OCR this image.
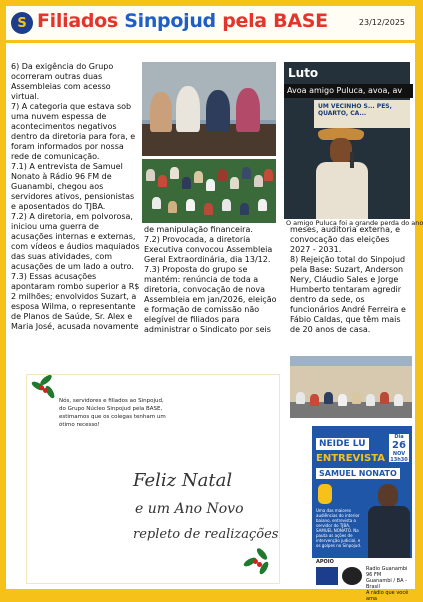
S Filiados Sinpojud pela BASE	23/12/2025

6) Da exigência do Grupo ocorreram outras duas Assembleias com acesso virtual.

7) A categoria que estava sob uma nuvem espessa de acontecimentos negativos dentro da diretoria para fora, e foram informados por nossa rede de comunicação.

7.1) A entrevista de Samuel Nonato à Rádio 96 FM de Guanambi, chegou aos servidores ativos, pensionistas e aposentados do TJBA.

7.2) A diretoria, em polvorosa, iniciou uma guerra de acusações internas e externas, com vídeos e áudios maquiados das suas atividades, com acusações de um lado a outro.

7.3) Essas acusações apontaram rombo superior a R$ 2 milhões; envolvidos Suzart, a esposa Wilma, o representante de Planos de Saúde, Sr. Alex e Maria José, acusada novamente

Luto
Avoa amigo Puluca, avoa, av
UM VECINHO S... PES, QUARTO, CA...
O amigo Puluca foi a grande perda do ano

de manipulação financeira.

7.2) Provocada, a diretoria Executiva convocou Assembleia Geral Extraordinária, dia 13/12.

7.3) Proposta do grupo se mantém: renúncia de toda a diretoria, convocação de nova Assembleia em jan/2026, eleição e formação de comissão não elegível de filiados para administrar o Sindicato por seis

meses, auditoria externa, e convocação das eleições 2027 - 2031.

8) Rejeição total do Sinpojud pela Base: Suzart, Anderson Nery, Cláudio Sales e Jorge Humberto tentaram agredir dentro da sede, os funcionários André Ferreira e Fábio Caldas, que têm mais de 20 anos de casa.

Nós, servidores e filiados ao Sinpojud, do Grupo Núcleo Sinpojud pela BASE, estimamos que os colegas tenham um ótimo recesso!
Feliz Natal
e um Ano Novo
repleto de realizações
NEIDE LU
ENTREVISTA
SAMUEL NONATO
Dia
26
NOV
13h30
Uma das maiores audiências do interior baiano, entrevista o servidor do TJBA, SAMUEL NONATO. Na pauta as ações de intervenção judicial, e os golpes no Sinpojud.
APOIO
Radio Guanambi 96 FM
Guanambi / BA - Brasil
A rádio que você ama
